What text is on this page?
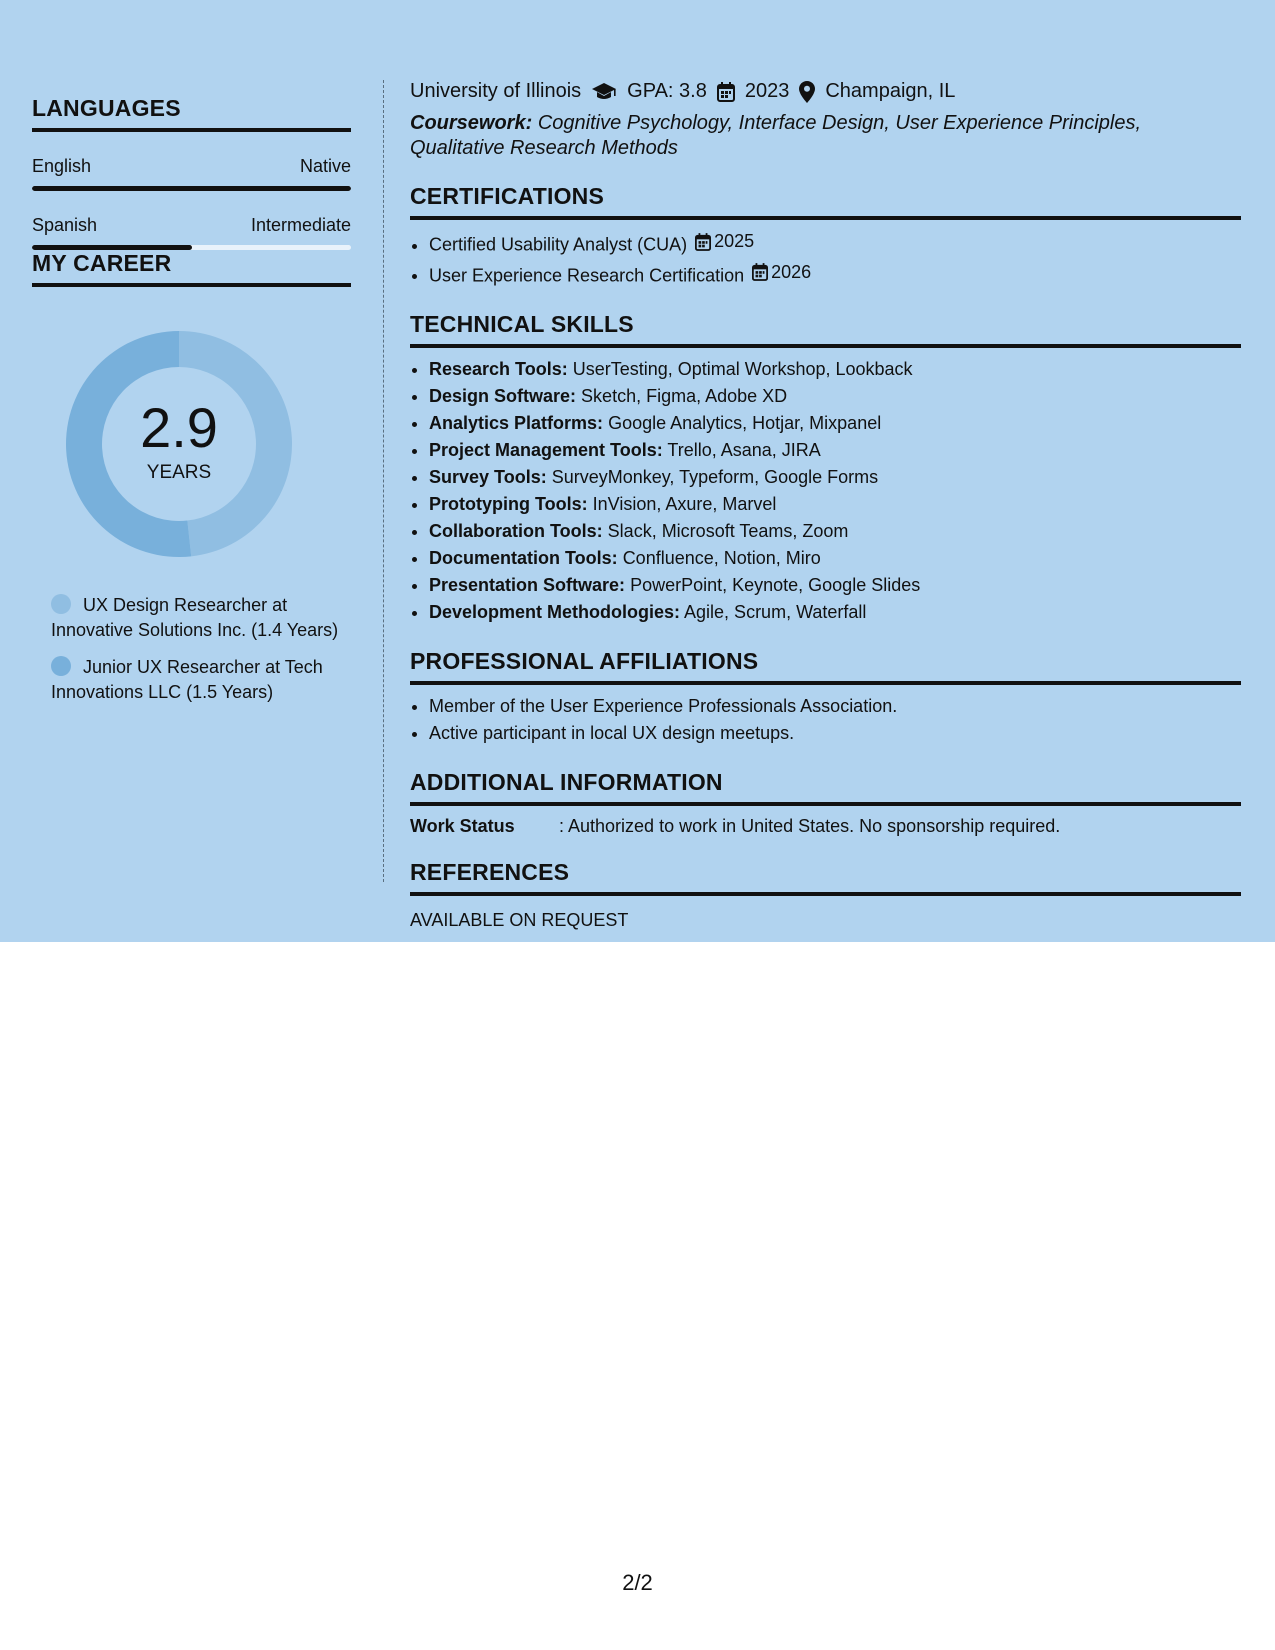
LANGUAGES
English	Native
Spanish	Intermediate
MY CAREER
2.9
YEARS
UX Design Researcher at Innovative Solutions Inc. (1.4 Years)
Junior UX Researcher at Tech Innovations LLC (1.5 Years)
University of Illinois GPA: 3.8 2023 Champaign, IL
Coursework: Cognitive Psychology, Interface Design, User Experience Principles, Qualitative Research Methods
CERTIFICATIONS
• Certified Usability Analyst (CUA) 2025
• User Experience Research Certification 2026
TECHNICAL SKILLS
• Research Tools: UserTesting, Optimal Workshop, Lookback
• Design Software: Sketch, Figma, Adobe XD
• Analytics Platforms: Google Analytics, Hotjar, Mixpanel
• Project Management Tools: Trello, Asana, JIRA
• Survey Tools: SurveyMonkey, Typeform, Google Forms
• Prototyping Tools: InVision, Axure, Marvel
• Collaboration Tools: Slack, Microsoft Teams, Zoom
• Documentation Tools: Confluence, Notion, Miro
• Presentation Software: PowerPoint, Keynote, Google Slides
• Development Methodologies: Agile, Scrum, Waterfall
PROFESSIONAL AFFILIATIONS
• Member of the User Experience Professionals Association.
• Active participant in local UX design meetups.
ADDITIONAL INFORMATION
Work Status	: Authorized to work in United States. No sponsorship required.
REFERENCES
AVAILABLE ON REQUEST
2/2
